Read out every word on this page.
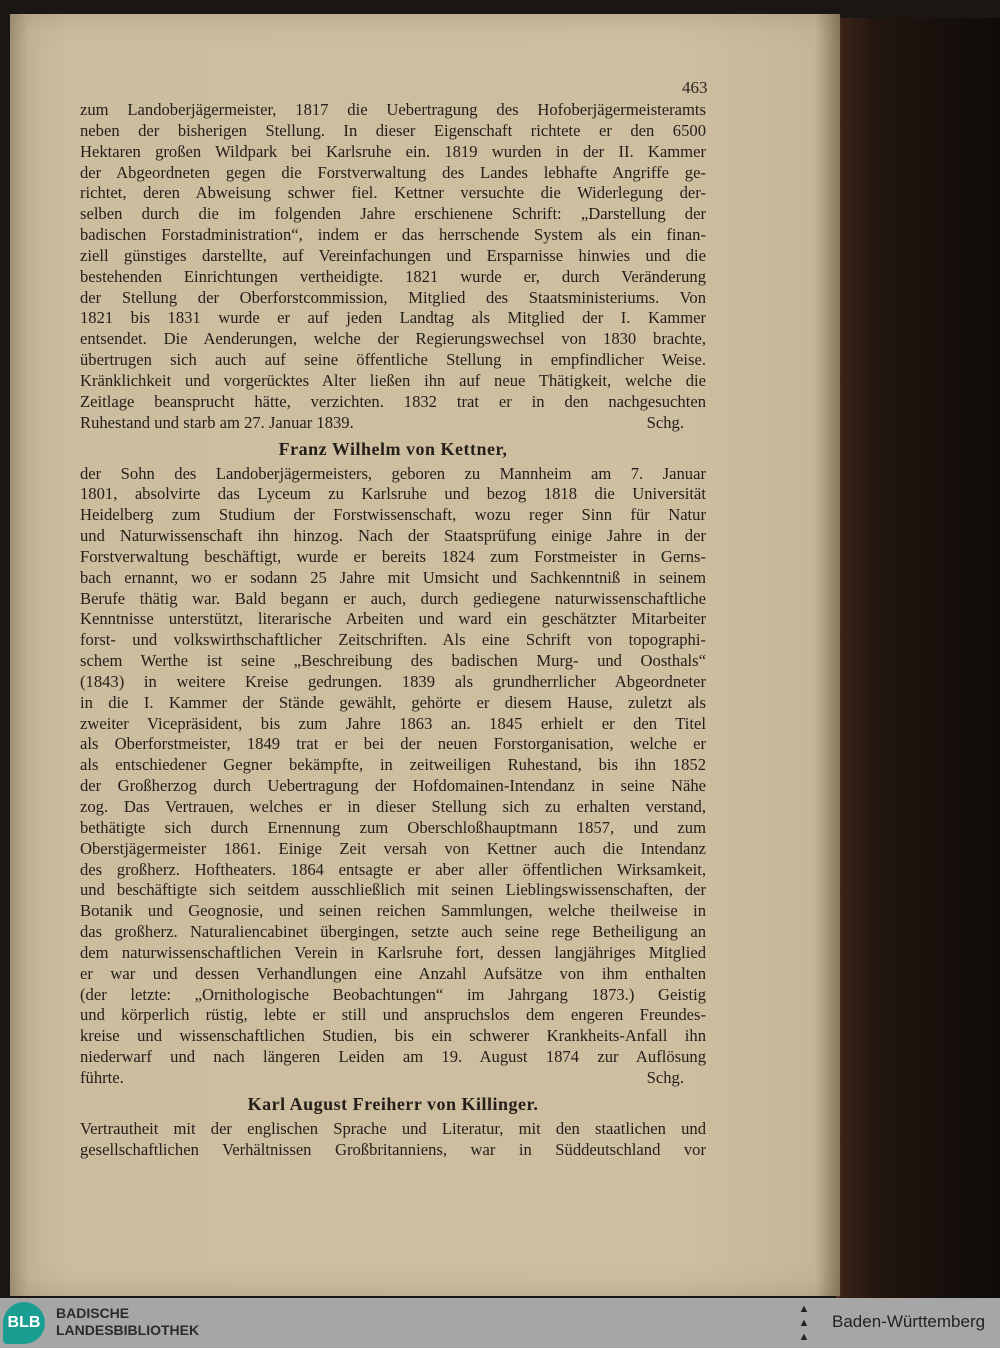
463
zum Landoberjägermeister, 1817 die Uebertragung des Hofoberjägermeisteramts
neben der bisherigen Stellung. In dieser Eigenschaft richtete er den 6500
Hektaren großen Wildpark bei Karlsruhe ein. 1819 wurden in der II. Kammer
der Abgeordneten gegen die Forstverwaltung des Landes lebhafte Angriffe ge-
richtet, deren Abweisung schwer fiel. Kettner versuchte die Widerlegung der-
selben durch die im folgenden Jahre erschienene Schrift: „Darstellung der
badischen Forstadministration“, indem er das herrschende System als ein finan-
ziell günstiges darstellte, auf Vereinfachungen und Ersparnisse hinwies und die
bestehenden Einrichtungen vertheidigte. 1821 wurde er, durch Veränderung
der Stellung der Oberforstcommission, Mitglied des Staatsministeriums. Von
1821 bis 1831 wurde er auf jeden Landtag als Mitglied der I. Kammer
entsendet. Die Aenderungen, welche der Regierungswechsel von 1830 brachte,
übertrugen sich auch auf seine öffentliche Stellung in empfindlicher Weise.
Kränklichkeit und vorgerücktes Alter ließen ihn auf neue Thätigkeit, welche die
Zeitlage beansprucht hätte, verzichten. 1832 trat er in den nachgesuchten
Ruhestand und starb am 27. Januar 1839.	Schg.
Franz Wilhelm von Kettner,
der Sohn des Landoberjägermeisters, geboren zu Mannheim am 7. Januar
1801, absolvirte das Lyceum zu Karlsruhe und bezog 1818 die Universität
Heidelberg zum Studium der Forstwissenschaft, wozu reger Sinn für Natur
und Naturwissenschaft ihn hinzog. Nach der Staatsprüfung einige Jahre in der
Forstverwaltung beschäftigt, wurde er bereits 1824 zum Forstmeister in Gerns-
bach ernannt, wo er sodann 25 Jahre mit Umsicht und Sachkenntniß in seinem
Berufe thätig war. Bald begann er auch, durch gediegene naturwissenschaftliche
Kenntnisse unterstützt, literarische Arbeiten und ward ein geschätzter Mitarbeiter
forst- und volkswirthschaftlicher Zeitschriften. Als eine Schrift von topographi-
schem Werthe ist seine „Beschreibung des badischen Murg- und Oosthals“
(1843) in weitere Kreise gedrungen. 1839 als grundherrlicher Abgeordneter
in die I. Kammer der Stände gewählt, gehörte er diesem Hause, zuletzt als
zweiter Vicepräsident, bis zum Jahre 1863 an. 1845 erhielt er den Titel
als Oberforstmeister, 1849 trat er bei der neuen Forstorganisation, welche er
als entschiedener Gegner bekämpfte, in zeitweiligen Ruhestand, bis ihn 1852
der Großherzog durch Uebertragung der Hofdomainen-Intendanz in seine Nähe
zog. Das Vertrauen, welches er in dieser Stellung sich zu erhalten verstand,
bethätigte sich durch Ernennung zum Oberschloßhauptmann 1857, und zum
Oberstjägermeister 1861. Einige Zeit versah von Kettner auch die Intendanz
des großherz. Hoftheaters. 1864 entsagte er aber aller öffentlichen Wirksamkeit,
und beschäftigte sich seitdem ausschließlich mit seinen Lieblingswissenschaften, der
Botanik und Geognosie, und seinen reichen Sammlungen, welche theilweise in
das großherz. Naturaliencabinet übergingen, setzte auch seine rege Betheiligung an
dem naturwissenschaftlichen Verein in Karlsruhe fort, dessen langjähriges Mitglied
er war und dessen Verhandlungen eine Anzahl Aufsätze von ihm enthalten
(der letzte: „Ornithologische Beobachtungen“ im Jahrgang 1873.) Geistig
und körperlich rüstig, lebte er still und anspruchslos dem engeren Freundes-
kreise und wissenschaftlichen Studien, bis ein schwerer Krankheits-Anfall ihn
niederwarf und nach längeren Leiden am 19. August 1874 zur Auflösung
führte.	Schg.
Karl August Freiherr von Killinger.
Vertrautheit mit der englischen Sprache und Literatur, mit den staatlichen und
gesellschaftlichen Verhältnissen Großbritanniens, war in Süddeutschland vor
BLB
BADISCHE
LANDESBIBLIOTHEK
▲
▲
▲
Baden-Württemberg
